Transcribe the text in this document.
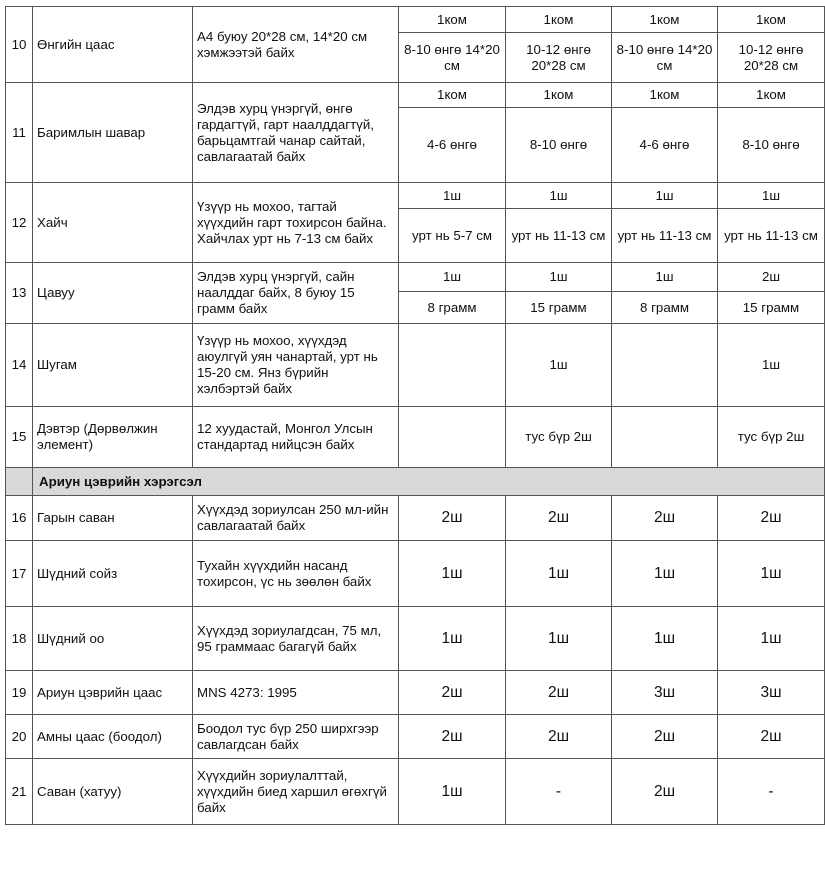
10	Өнгийн цаас	А4 буюу 20*28 см, 14*20 см хэмжээтэй байх	1ком	1ком	1ком	1ком
			8-10 өнгө 14*20 см	10-12 өнгө 20*28 см	8-10 өнгө 14*20 см	10-12 өнгө 20*28 см
11	Баримлын шавар	Элдэв хурц үнэргүй, өнгө гардагтүй, гарт наалддагтүй, барьцамтгай чанар сайтай, савлагаатай байх	1ком	1ком	1ком	1ком
			4-6 өнгө	8-10 өнгө	4-6 өнгө	8-10 өнгө
12	Хайч	Үзүүр нь мохоо, тагтай хүүхдийн гарт тохирсон байна. Хайчлах урт нь 7-13 см байх	1ш	1ш	1ш	1ш
			урт нь 5-7 см	урт нь 11-13 см	урт нь 11-13 см	урт нь 11-13 см
13	Цавуу	Элдэв хурц үнэргүй, сайн наалддаг байх, 8 буюу 15 грамм байх	1ш	1ш	1ш	2ш
			8 грамм	15 грамм	8 грамм	15 грамм
14	Шугам	Үзүүр нь мохоо, хүүхдэд аюулгүй уян чанартай, урт нь 15-20 см. Янз бүрийн хэлбэртэй байх		1ш		1ш
15	Дэвтэр (Дөрвөлжин элемент)	12 хуудастай, Монгол Улсын стандартад нийцсэн байх		тус бүр 2ш		тус бүр 2ш
	Ариун цэврийн хэрэгсэл					
16	Гарын саван	Хүүхдэд зориулсан 250 мл-ийн савлагаатай байх	2ш	2ш	2ш	2ш
17	Шүдний сойз	Тухайн хүүхдийн насанд тохирсон, үс нь зөөлөн байх	1ш	1ш	1ш	1ш
18	Шүдний оо	Хүүхдэд зориулагдсан, 75 мл, 95 граммаас багагүй байх	1ш	1ш	1ш	1ш
19	Ариун цэврийн цаас	MNS 4273: 1995	2ш	2ш	3ш	3ш
20	Амны цаас (боодол)	Боодол тус бүр 250 ширхгээр савлагдсан байх	2ш	2ш	2ш	2ш
21	Саван (хатуу)	Хүүхдийн зориулалттай, хүүхдийн биед харшил өгөхгүй байх	1ш	-	2ш	-
